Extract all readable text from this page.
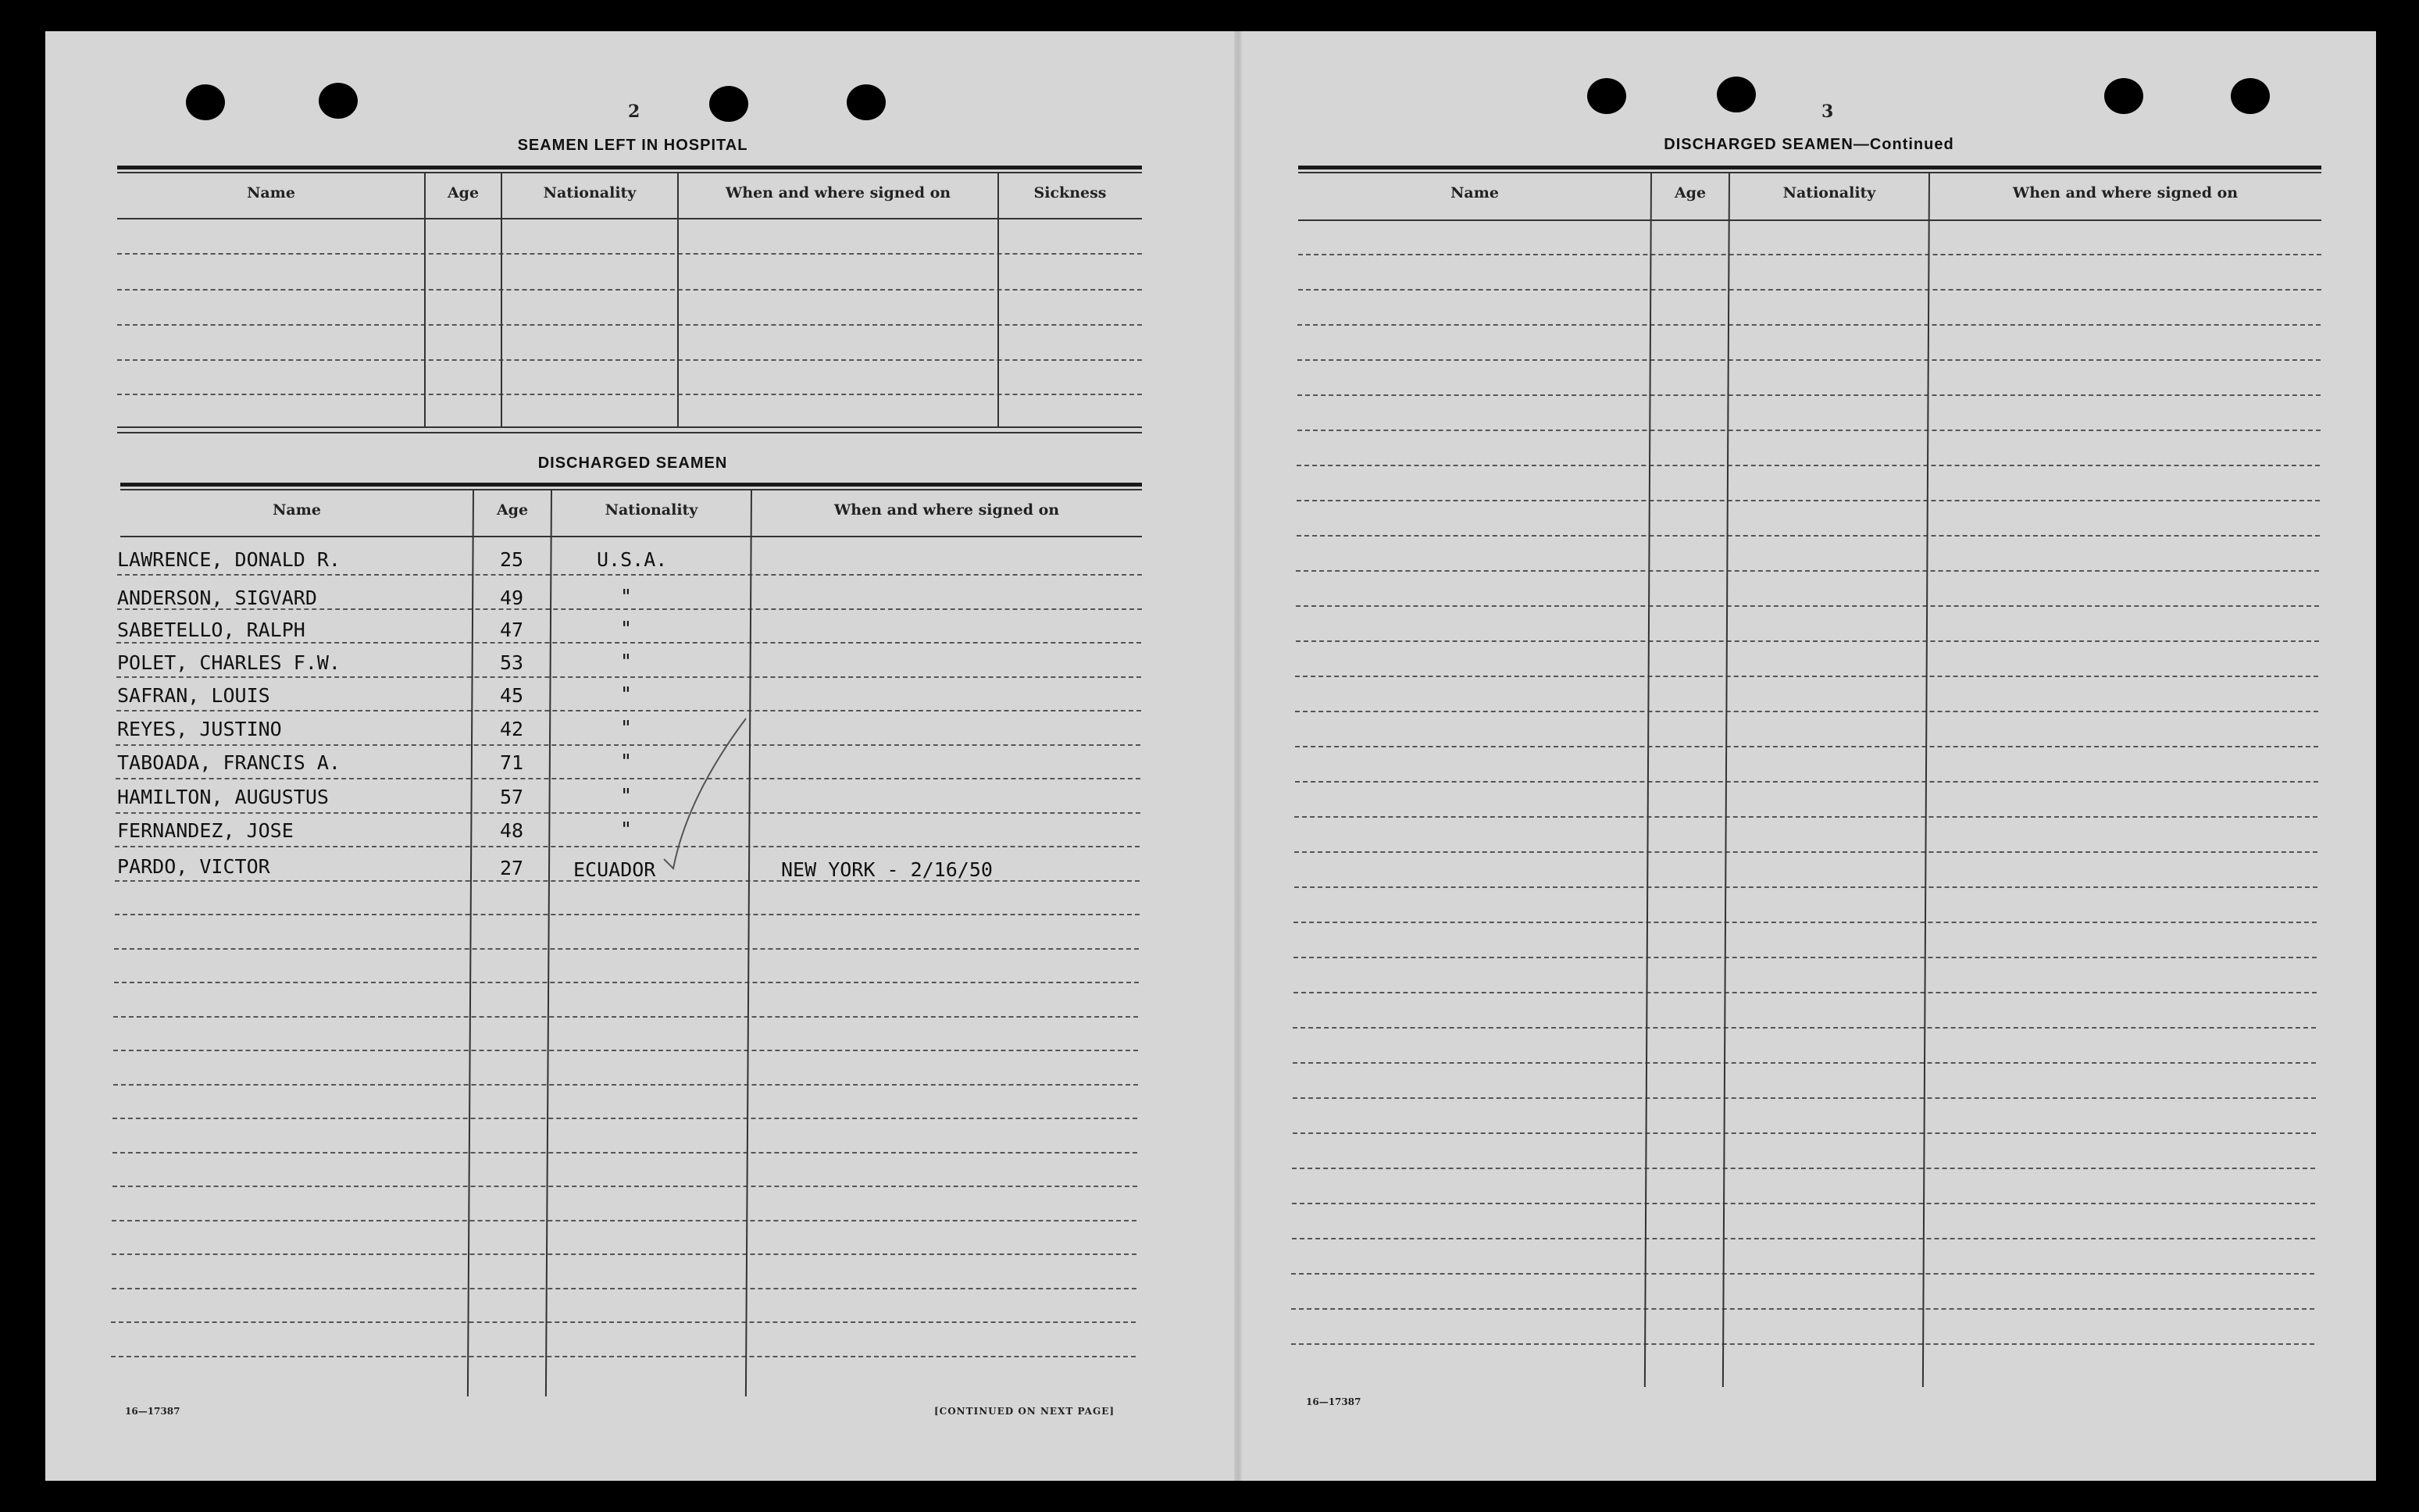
2
SEAMEN LEFT IN HOSPITAL
Name	Age	Nationality	When and where signed on	Sickness
DISCHARGED SEAMEN
Name	Age	Nationality	When and where signed on
LAWRENCE, DONALD R.	25	U.S.A.
ANDERSON, SIGVARD	49	"
SABETELLO, RALPH	47	"
POLET, CHARLES F.W.	53	"
SAFRAN, LOUIS	45	"
REYES, JUSTINO	42	"
TABOADA, FRANCIS A.	71	"
HAMILTON, AUGUSTUS	57	"
FERNANDEZ, JOSE	48	"
PARDO, VICTOR	27	ECUADOR	NEW YORK - 2/16/50
16—17387	[CONTINUED ON NEXT PAGE]
3
DISCHARGED SEAMEN—Continued
Name	Age	Nationality	When and where signed on
16—17387
